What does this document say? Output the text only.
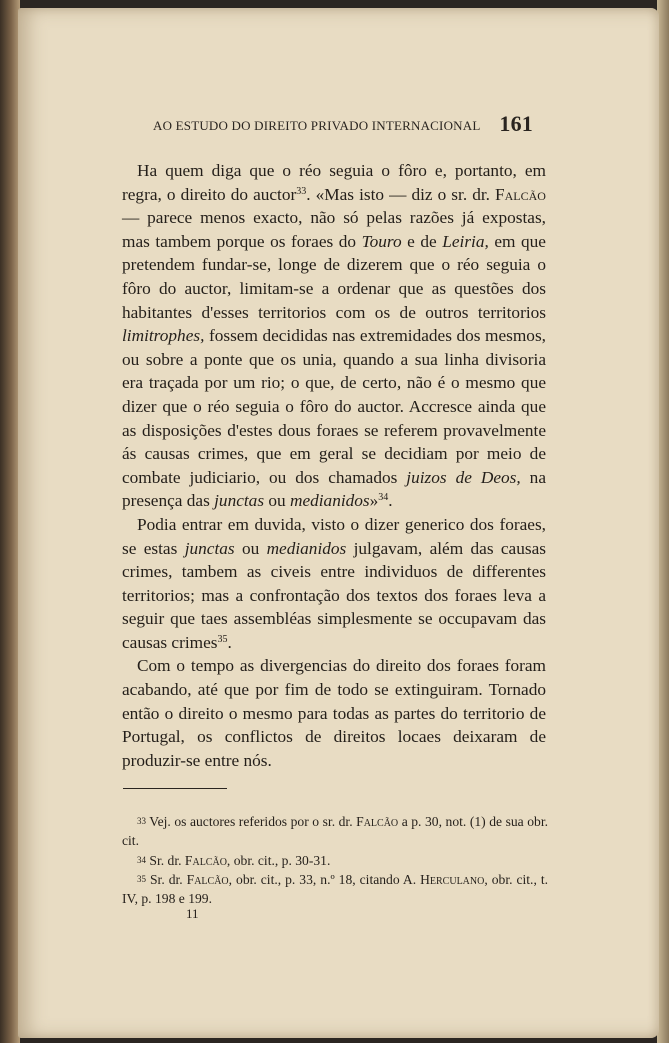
AO ESTUDO DO DIREITO PRIVADO INTERNACIONAL 161

Ha quem diga que o réo seguia o fôro e, portanto, em regra, o direito do auctor$^{33}$. «Mas isto — diz o sr. dr. Falcão — parece menos exacto, não só pelas razões já expostas, mas tambem porque os foraes do Touro e de Leiria, em que pretendem fundar-se, longe de dizerem que o réo seguia o fôro do auctor, limitam-se a ordenar que as questões dos habitantes d'esses territorios com os de outros territorios limitrophes, fossem decididas nas extremidades dos mesmos, ou sobre a ponte que os unia, quando a sua linha divisoria era traçada por um rio; o que, de certo, não é o mesmo que dizer que o réo seguia o fôro do auctor. Accresce ainda que as disposições d'estes dous foraes se referem provavelmente ás causas crimes, que em geral se decidiam por meio de combate judiciario, ou dos chamados juizos de Deos, na presença das junctas ou medianidos»$^{34}$.

Podia entrar em duvida, visto o dizer generico dos foraes, se estas junctas ou medianidos julgavam, além das causas crimes, tambem as civeis entre individuos de differentes territorios; mas a confrontação dos textos dos foraes leva a seguir que taes assembléas simplesmente se occupavam das causas crimes$^{35}$.

Com o tempo as divergencias do direito dos foraes foram acabando, até que por fim de todo se extinguiram. Tornado então o direito o mesmo para todas as partes do territorio de Portugal, os conflictos de direitos locaes deixaram de produzir-se entre nós.

33 Vej. os auctores referidos por o sr. dr. Falcão a p. 30, not. (1) de sua obr. cit.

34 Sr. dr. Falcão, obr. cit., p. 30-31.

35 Sr. dr. Falcão, obr. cit., p. 33, n.º 18, citando A. Herculano, obr. cit., t. IV, p. 198 e 199.

11
